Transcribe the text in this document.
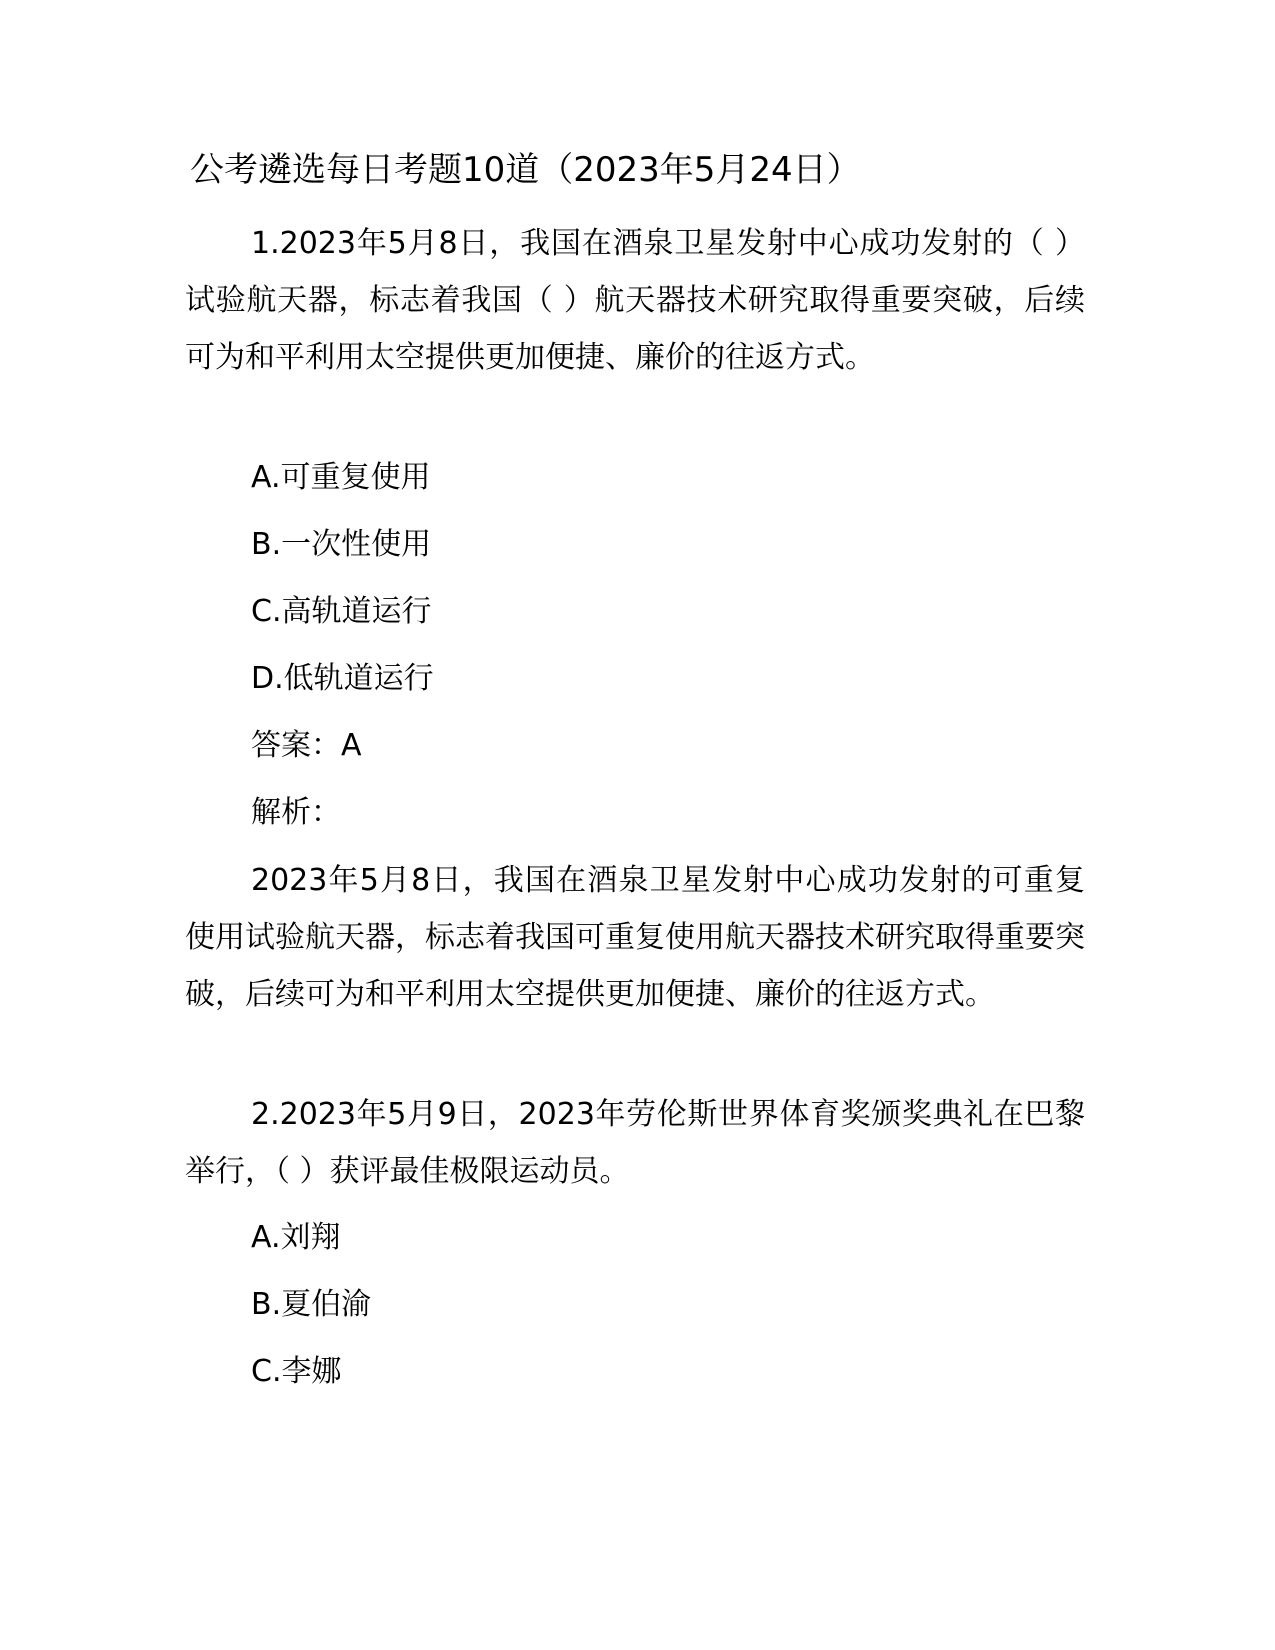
公考遴选每日考题10道（2023年5月24日）
1.2023年5月8日，我国在酒泉卫星发射中心成功发射的（ ）试验航天器，标志着我国（ ）航天器技术研究取得重要突破，后续可为和平利用太空提供更加便捷、廉价的往返方式。
A.可重复使用
B.一次性使用
C.高轨道运行
D.低轨道运行
答案：A
解析：
2023年5月8日，我国在酒泉卫星发射中心成功发射的可重复使用试验航天器，标志着我国可重复使用航天器技术研究取得重要突破，后续可为和平利用太空提供更加便捷、廉价的往返方式。
2.2023年5月9日，2023年劳伦斯世界体育奖颁奖典礼在巴黎举行，（ ）获评最佳极限运动员。
A.刘翔
B.夏伯渝
C.李娜
